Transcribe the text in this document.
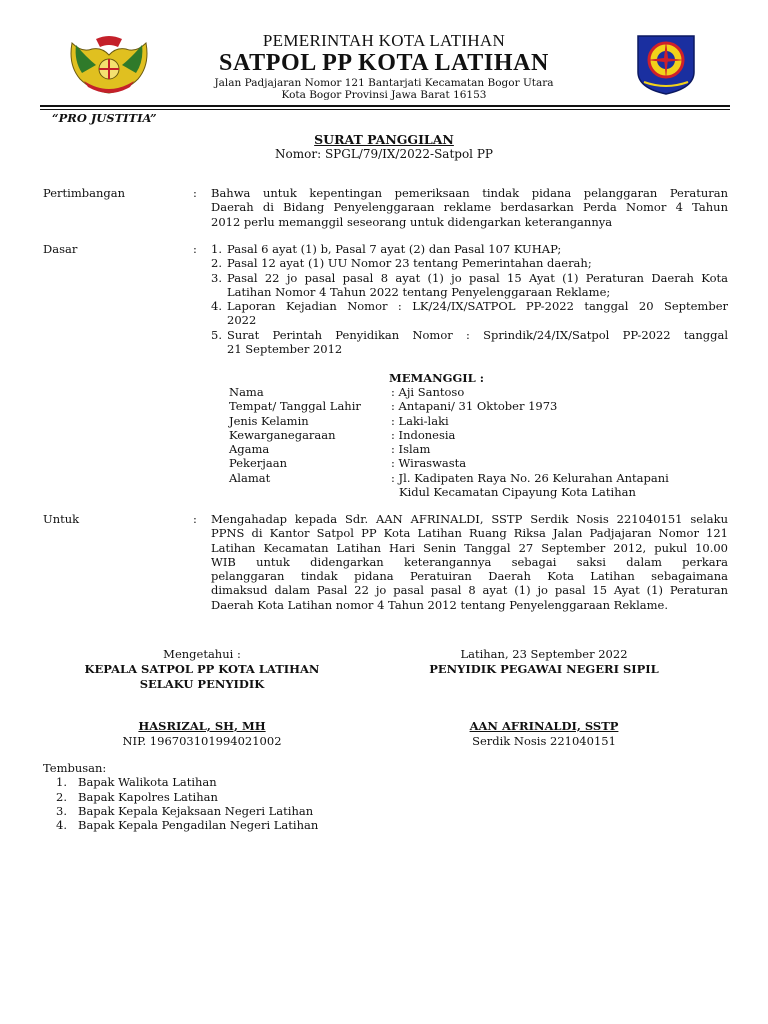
PEMERINTAH KOTA LATIHAN
SATPOL PP KOTA LATIHAN
Jalan Padjajaran Nomor 121 Bantarjati Kecamatan Bogor Utara
Kota Bogor Provinsi Jawa Barat 16153
“PRO JUSTITIA”
SURAT PANGGILAN
Nomor: SPGL/79/IX/2022-Satpol PP
Pertimbangan	: Bahwa untuk kepentingan pemeriksaan tindak pidana pelanggaran Peraturan
Daerah di Bidang Penyelenggaraan reklame berdasarkan Perda Nomor 4 Tahun
2012 perlu memanggil seseorang untuk didengarkan keterangannya
Dasar	: 1. Pasal 6 ayat (1) b, Pasal 7 ayat (2) dan Pasal 107 KUHAP;
2. Pasal 12 ayat (1) UU Nomor 23 tentang Pemerintahan daerah;
3. Pasal 22 jo pasal pasal 8 ayat (1) jo pasal 15 Ayat (1) Peraturan Daerah Kota
Latihan Nomor 4 Tahun 2022 tentang Penyelenggaraan Reklame;
4. Laporan Kejadian Nomor : LK/24/IX/SATPOL PP-2022 tanggal 20 September
2022
5. Surat Perintah Penyidikan Nomor : Sprindik/24/IX/Satpol PP-2022 tanggal
21 September 2012
MEMANGGIL :
Nama	: Aji Santoso
Tempat/ Tanggal Lahir	: Antapani/ 31 Oktober 1973
Jenis Kelamin	: Laki-laki
Kewarganegaraan	: Indonesia
Agama	: Islam
Pekerjaan	: Wiraswasta
Alamat	: Jl. Kadipaten Raya No. 26 Kelurahan Antapani
Kidul Kecamatan Cipayung Kota Latihan
Untuk	: Mengahadap kepada Sdr. AAN AFRINALDI, SSTP Serdik Nosis 221040151 selaku
PPNS di Kantor Satpol PP Kota Latihan Ruang Riksa Jalan Padjajaran Nomor 121
Latihan Kecamatan Latihan Hari Senin Tanggal 27 September 2012, pukul 10.00
WIB untuk didengarkan keterangannya sebagai saksi dalam perkara
pelanggaran tindak pidana Peratuiran Daerah Kota Latihan sebagaimana
dimaksud dalam Pasal 22 jo pasal pasal 8 ayat (1) jo pasal 15 Ayat (1) Peraturan
Daerah Kota Latihan nomor 4 Tahun 2012 tentang Penyelenggaraan Reklame.
Mengetahui :
KEPALA SATPOL PP KOTA LATIHAN
SELAKU PENYIDIK
HASRIZAL, SH, MH
NIP. 196703101994021002
Latihan, 23 September 2022
PENYIDIK PEGAWAI NEGERI SIPIL
AAN AFRINALDI, SSTP
Serdik Nosis 221040151
Tembusan:
1. Bapak Walikota Latihan
2. Bapak Kapolres Latihan
3. Bapak Kepala Kejaksaan Negeri Latihan
4. Bapak Kepala Pengadilan Negeri Latihan
